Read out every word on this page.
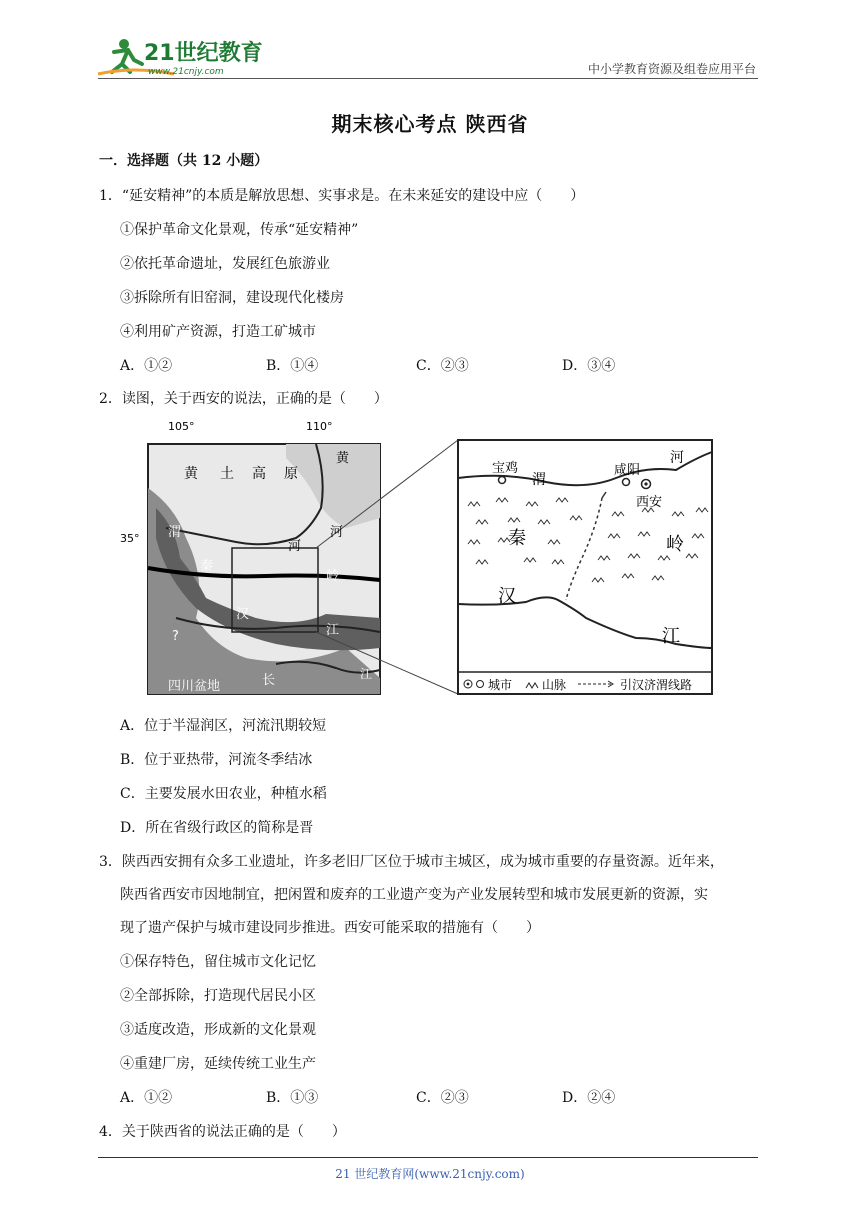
21世纪教育
www.21cnjy.com	中小学教育资源及组卷应用平台
期末核心考点 陕西省
一．选择题（共 12 小题）
1．“延安精神”的本质是解放思想、实事求是。在未来延安的建设中应（　　）
①保护革命文化景观，传承“延安精神”
②依托革命遗址，发展红色旅游业
③拆除所有旧窑洞，建设现代化楼房
④利用矿产资源，打造工矿城市
A．①②	B．①④	C．②③	D．③④
2．读图，关于西安的说法，正确的是（　　）
105°	110°
35°
黄 土 高 原
黄
渭
河
秦
河
岭
汉
江
?
四川盆地	长	江
宝鸡
渭
咸阳
河
西安
秦	岭
汉
江
城市 山脉	引汉济渭线路
A．位于半湿润区，河流汛期较短
B．位于亚热带，河流冬季结冰
C．主要发展水田农业，种植水稻
D．所在省级行政区的简称是晋
3．陕西西安拥有众多工业遗址，许多老旧厂区位于城市主城区，成为城市重要的存量资源。近年来，
陕西省西安市因地制宜，把闲置和废弃的工业遗产变为产业发展转型和城市发展更新的资源，实
现了遗产保护与城市建设同步推进。西安可能采取的措施有（　　）
①保存特色，留住城市文化记忆
②全部拆除，打造现代居民小区
③适度改造，形成新的文化景观
④重建厂房，延续传统工业生产
A．①②	B．①③	C．②③	D．②④
4．关于陕西省的说法正确的是（　　）
21 世纪教育网(www.21cnjy.com)
